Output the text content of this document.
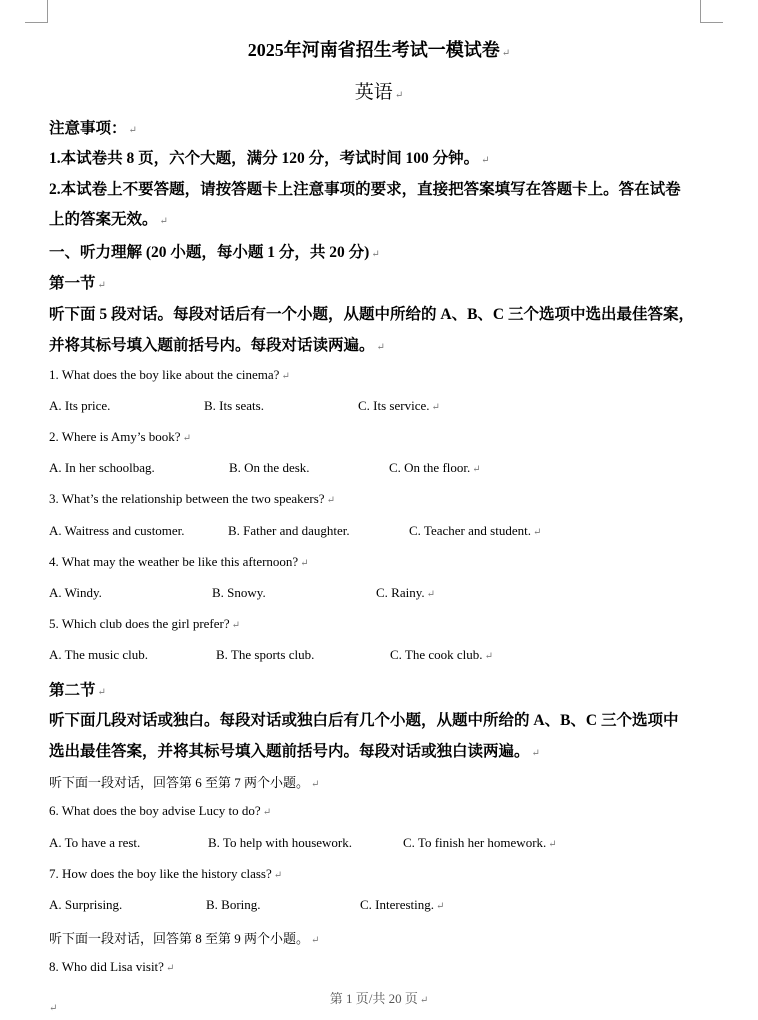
2025年河南省招生考试一模试卷 ↵
英语 ↵
注意事项： ↵
1.本试卷共 8 页，六个大题，满分 120 分，考试时间 100 分钟。 ↵
2.本试卷上不要答题，请按答题卡上注意事项的要求，直接把答案填写在答题卡上。答在试卷
上的答案无效。 ↵
一、听力理解 (20 小题，每小题 1 分，共 20 分) ↵
第一节 ↵
听下面 5 段对话。每段对话后有一个小题，从题中所给的 A、B、C 三个选项中选出最佳答案，
并将其标号填入题前括号内。每段对话读两遍。 ↵
1. What does the boy like about the cinema? ↵
A. Its price.	B. Its seats.	C. Its service. ↵
2. Where is Amy’s book? ↵
A. In her schoolbag.	B. On the desk.	C. On the floor. ↵
3. What’s the relationship between the two speakers? ↵
A. Waitress and customer.	B. Father and daughter.	C. Teacher and student. ↵
4. What may the weather be like this afternoon? ↵
A. Windy.	B. Snowy.	C. Rainy. ↵
5. Which club does the girl prefer? ↵
A. The music club.	B. The sports club.	C. The cook club. ↵
第二节 ↵
听下面几段对话或独白。每段对话或独白后有几个小题，从题中所给的 A、B、C 三个选项中
选出最佳答案，并将其标号填入题前括号内。每段对话或独白读两遍。 ↵
听下面一段对话，回答第 6 至第 7 两个小题。 ↵
6. What does the boy advise Lucy to do? ↵
A. To have a rest.	B. To help with housework.	C. To finish her homework. ↵
7. How does the boy like the history class? ↵
A. Surprising.	B. Boring.	C. Interesting. ↵
听下面一段对话，回答第 8 至第 9 两个小题。 ↵
8. Who did Lisa visit? ↵
第 1 页/共 20 页 ↵
↵
